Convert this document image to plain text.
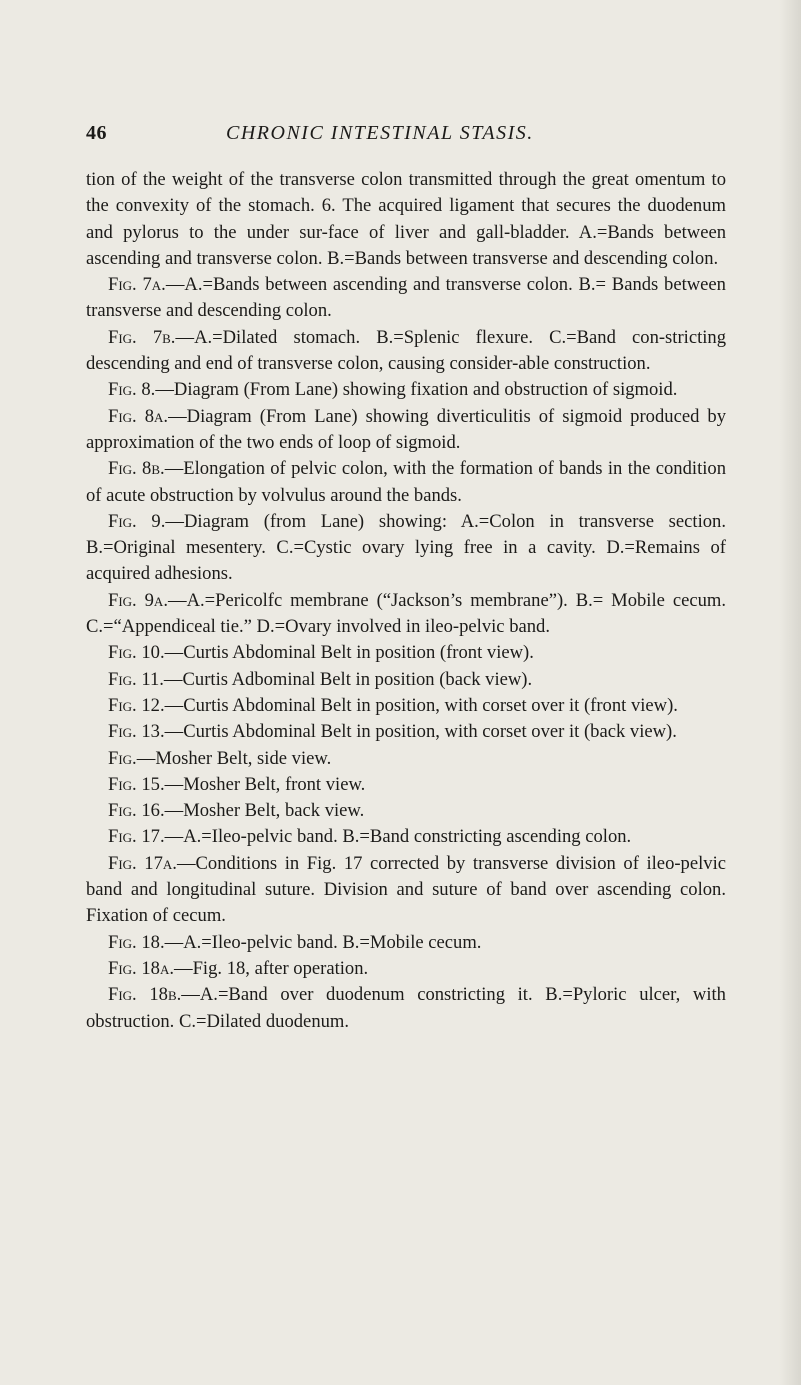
46	CHRONIC INTESTINAL STASIS.

tion of the weight of the transverse colon transmitted through the great omentum to the convexity of the stomach. 6. The acquired ligament that secures the duodenum and pylorus to the under sur-face of liver and gall-bladder. A.=Bands between ascending and transverse colon. B.=Bands between transverse and descending colon.

Fig. 7a.—A.=Bands between ascending and transverse colon. B.= Bands between transverse and descending colon.

Fig. 7b.—A.=Dilated stomach. B.=Splenic flexure. C.=Band con-stricting descending and end of transverse colon, causing consider-able construction.

Fig. 8.—Diagram (From Lane) showing fixation and obstruction of sigmoid.

Fig. 8a.—Diagram (From Lane) showing diverticulitis of sigmoid produced by approximation of the two ends of loop of sigmoid.

Fig. 8b.—Elongation of pelvic colon, with the formation of bands in the condition of acute obstruction by volvulus around the bands.

Fig. 9.—Diagram (from Lane) showing: A.=Colon in transverse section. B.=Original mesentery. C.=Cystic ovary lying free in a cavity. D.=Remains of acquired adhesions.

Fig. 9a.—A.=Pericolfc membrane (“Jackson’s membrane”). B.= Mobile cecum. C.=“Appendiceal tie.” D.=Ovary involved in ileo-pelvic band.

Fig. 10.—Curtis Abdominal Belt in position (front view).

Fig. 11.—Curtis Adbominal Belt in position (back view).

Fig. 12.—Curtis Abdominal Belt in position, with corset over it (front view).

Fig. 13.—Curtis Abdominal Belt in position, with corset over it (back view).

Fig.—Mosher Belt, side view.

Fig. 15.—Mosher Belt, front view.

Fig. 16.—Mosher Belt, back view.

Fig. 17.—A.=Ileo-pelvic band. B.=Band constricting ascending colon.

Fig. 17a.—Conditions in Fig. 17 corrected by transverse division of ileo-pelvic band and longitudinal suture. Division and suture of band over ascending colon. Fixation of cecum.

Fig. 18.—A.=Ileo-pelvic band. B.=Mobile cecum.

Fig. 18a.—Fig. 18, after operation.

Fig. 18b.—A.=Band over duodenum constricting it. B.=Pyloric ulcer, with obstruction. C.=Dilated duodenum.
